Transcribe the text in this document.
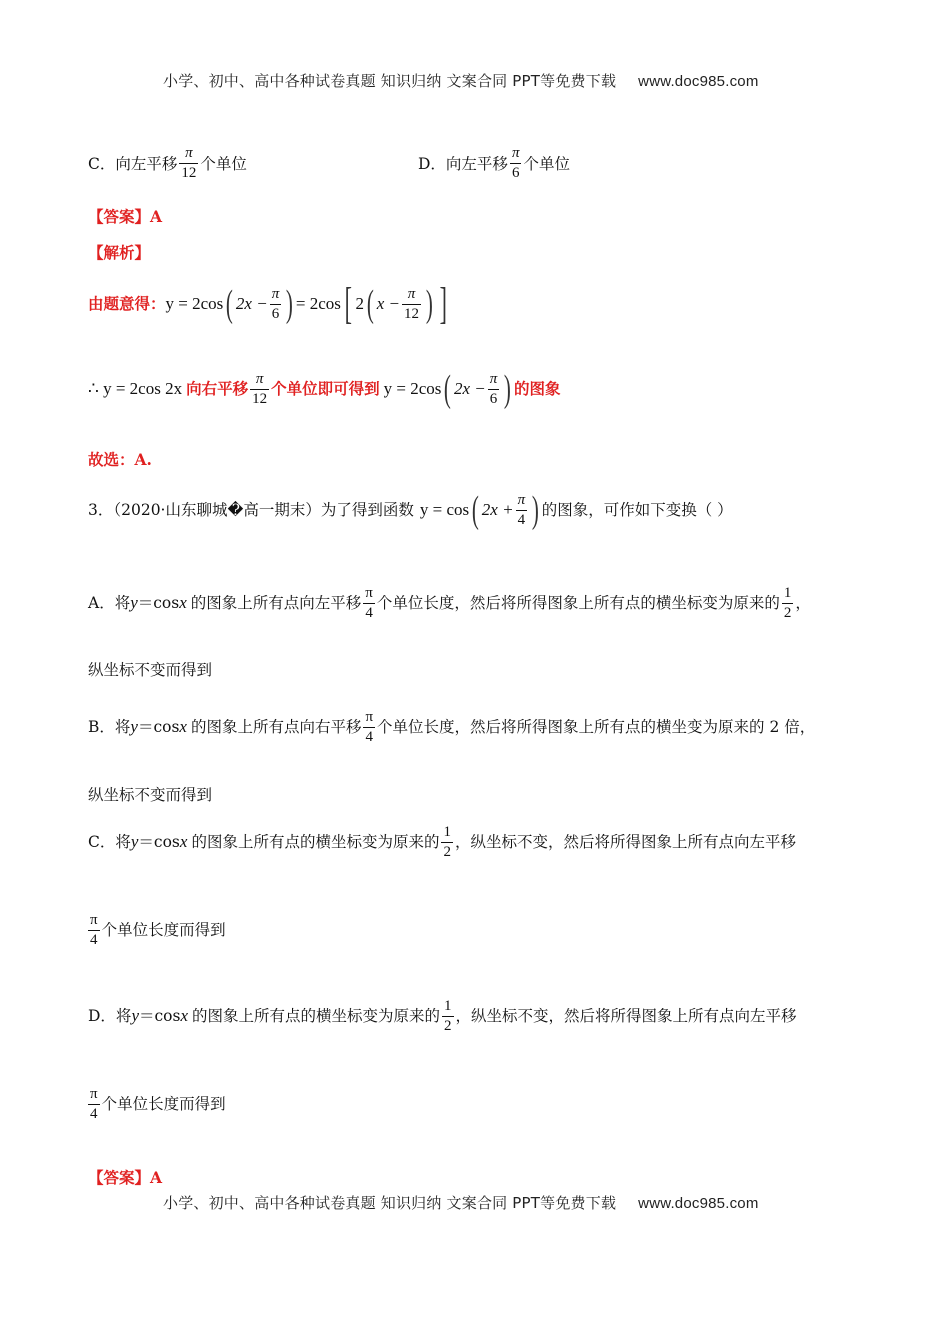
小学、初中、高中各种试卷真题 知识归纳 文案合同 PPT等免费下载 www.doc985.com
C．向左平移 $\frac{\pi}{12}$ 个单位	D．向左平移 $\frac{\pi}{6}$ 个单位
【答案】A
【解析】
由题意得： y = 2cos ( $2x - \frac{\pi}{6}$ ) = 2cos [ 2 ( $x - \frac{\pi}{12}$ ) ]
∴ y = 2cos 2x 向右平移 $\frac{\pi}{12}$ 个单位即可得到 y = 2cos ( $2x - \frac{\pi}{6}$ ) 的图象
故选：A.
3．（2020·山东聊城�高一期末）为了得到函数 y = cos ( $2x + \frac{\pi}{4}$ ) 的图象，可作如下变换（ ）
A．将 y ＝cos x 的图象上所有点向左平移 $\frac{\pi}{4}$ 个单位长度，然后将所得图象上所有点的横坐标变为原来的 $\frac{1}{2}$ ，
纵坐标不变而得到
B．将 y ＝cos x 的图象上所有点向右平移 $\frac{\pi}{4}$ 个单位长度，然后将所得图象上所有点的横坐变为原来的 2 倍，
纵坐标不变而得到
C．将 y ＝cos x 的图象上所有点的横坐标变为原来的 $\frac{1}{2}$ ，纵坐标不变，然后将所得图象上所有点向左平移
$\frac{\pi}{4}$ 个单位长度而得到
D．将 y ＝cos x 的图象上所有点的横坐标变为原来的 $\frac{1}{2}$ ，纵坐标不变，然后将所得图象上所有点向左平移
$\frac{\pi}{4}$ 个单位长度而得到
【答案】A
小学、初中、高中各种试卷真题 知识归纳 文案合同 PPT等免费下载 www.doc985.com
